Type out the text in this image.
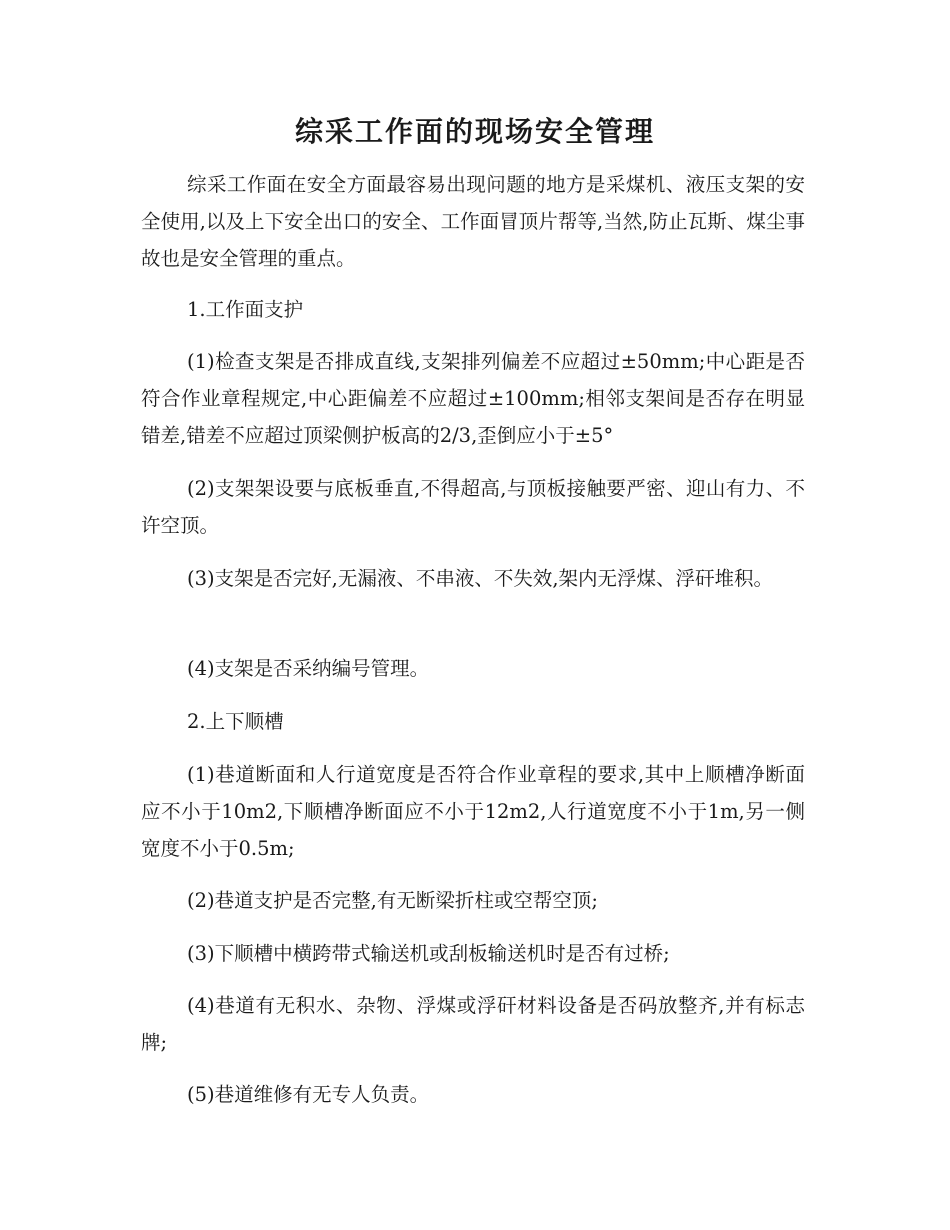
综采工作面的现场安全管理

综采工作面在安全方面最容易出现问题的地方是采煤机、液压支架的安全使用,以及上下安全出口的安全、工作面冒顶片帮等,当然,防止瓦斯、煤尘事故也是安全管理的重点。

1.工作面支护

(1)检查支架是否排成直线,支架排列偏差不应超过±50mm;中心距是否符合作业章程规定,中心距偏差不应超过±100mm;相邻支架间是否存在明显错差,错差不应超过顶梁侧护板高的2/3,歪倒应小于±5°

(2)支架架设要与底板垂直,不得超高,与顶板接触要严密、迎山有力、不许空顶。

(3)支架是否完好,无漏液、不串液、不失效,架内无浮煤、浮矸堆积。

(4)支架是否采纳编号管理。

2.上下顺槽

(1)巷道断面和人行道宽度是否符合作业章程的要求,其中上顺槽净断面应不小于10m2,下顺槽净断面应不小于12m2,人行道宽度不小于1m,另一侧宽度不小于0.5m;

(2)巷道支护是否完整,有无断梁折柱或空帮空顶;

(3)下顺槽中横跨带式输送机或刮板输送机时是否有过桥;

(4)巷道有无积水、杂物、浮煤或浮矸材料设备是否码放整齐,并有标志牌;

(5)巷道维修有无专人负责。
